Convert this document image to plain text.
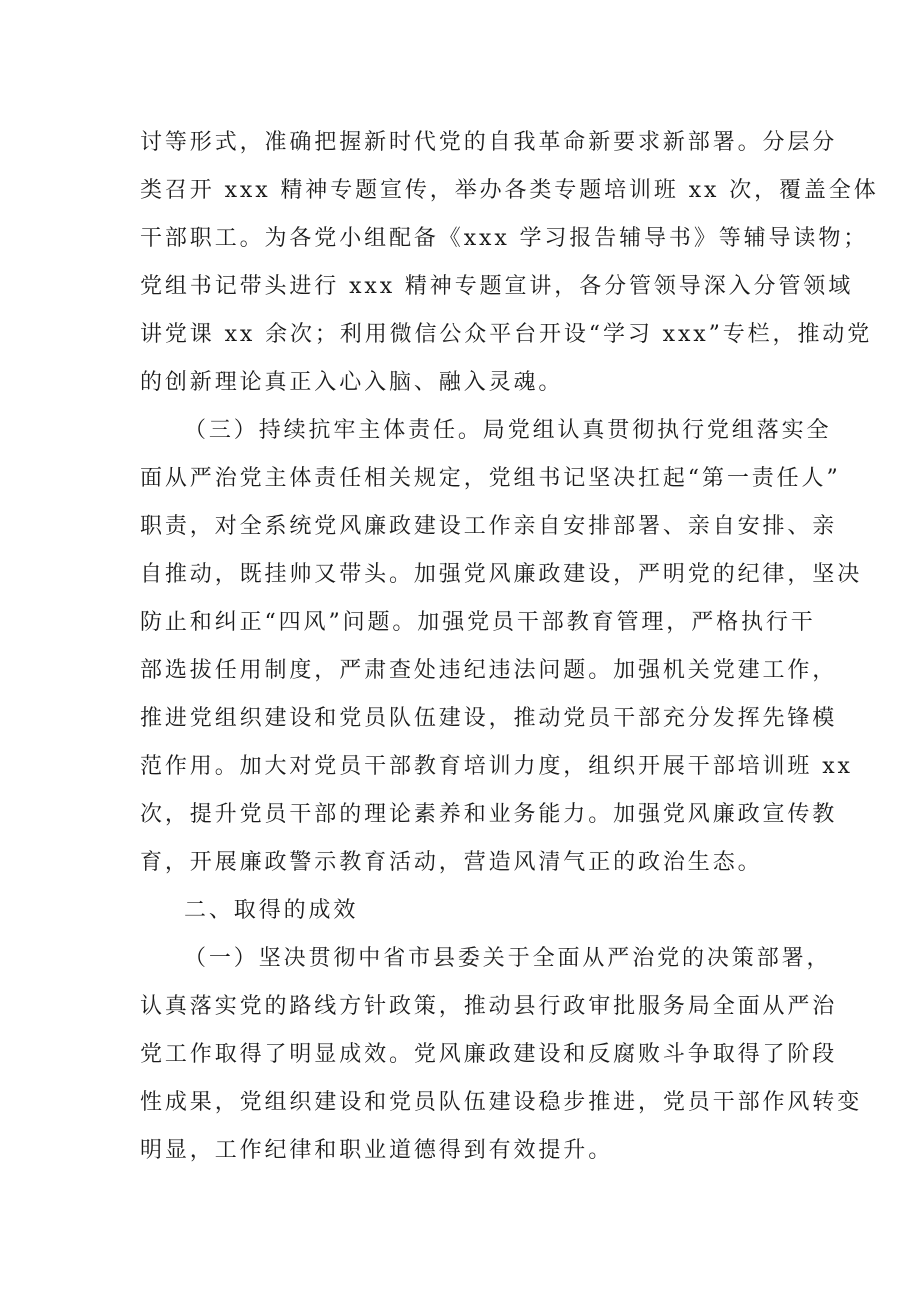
讨等形式，准确把握新时代党的自我革命新要求新部署。分层分
类召开 xxx 精神专题宣传，举办各类专题培训班 xx 次，覆盖全体
干部职工。为各党小组配备《xxx 学习报告辅导书》等辅导读物；
党组书记带头进行 xxx 精神专题宣讲，各分管领导深入分管领域
讲党课 xx 余次；利用微信公众平台开设“学习 xxx”专栏，推动党
的创新理论真正入心入脑、融入灵魂。
（三）持续抗牢主体责任。局党组认真贯彻执行党组落实全
面从严治党主体责任相关规定，党组书记坚决扛起“第一责任人”
职责，对全系统党风廉政建设工作亲自安排部署、亲自安排、亲
自推动，既挂帅又带头。加强党风廉政建设，严明党的纪律，坚决
防止和纠正“四风”问题。加强党员干部教育管理，严格执行干
部选拔任用制度，严肃查处违纪违法问题。加强机关党建工作，
推进党组织建设和党员队伍建设，推动党员干部充分发挥先锋模
范作用。加大对党员干部教育培训力度，组织开展干部培训班 xx
次，提升党员干部的理论素养和业务能力。加强党风廉政宣传教
育，开展廉政警示教育活动，营造风清气正的政治生态。
二、取得的成效
（一）坚决贯彻中省市县委关于全面从严治党的决策部署，
认真落实党的路线方针政策，推动县行政审批服务局全面从严治
党工作取得了明显成效。党风廉政建设和反腐败斗争取得了阶段
性成果，党组织建设和党员队伍建设稳步推进，党员干部作风转变
明显，工作纪律和职业道德得到有效提升。
